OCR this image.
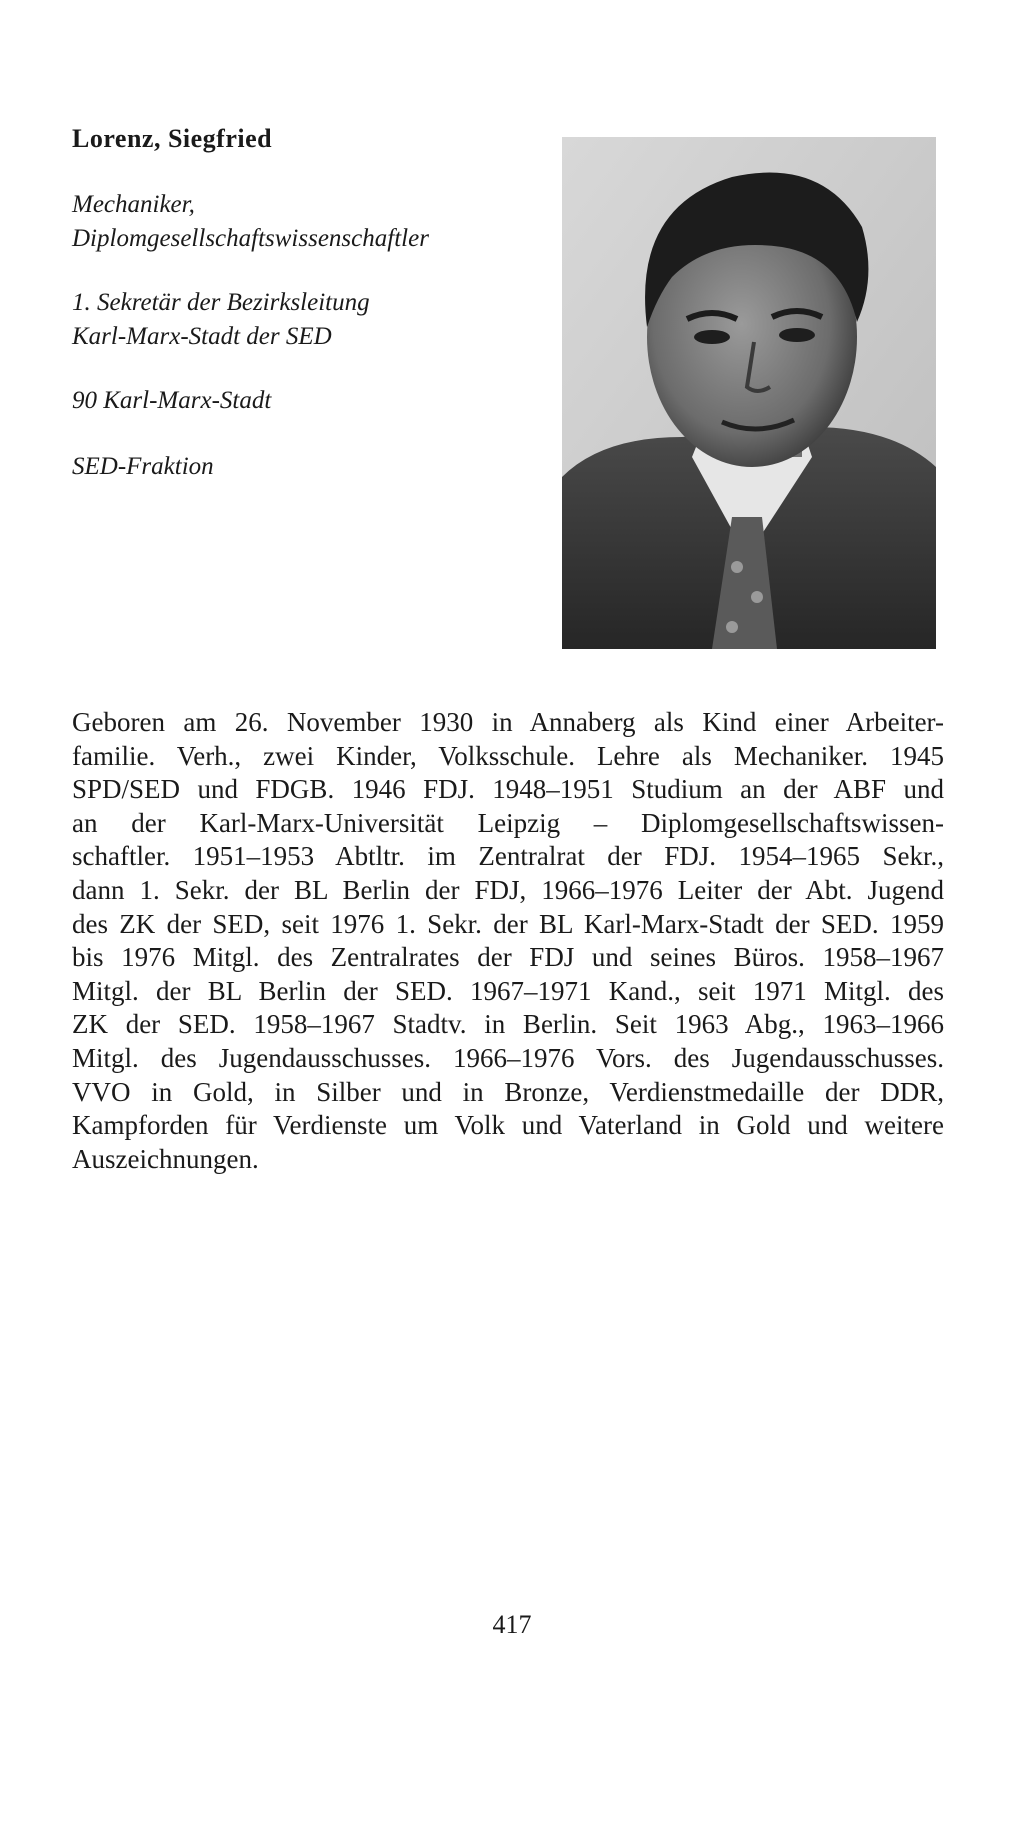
Lorenz, Siegfried

Mechaniker,
Diplomgesellschaftswissenschaftler

1. Sekretär der Bezirksleitung
Karl-Marx-Stadt der SED

90 Karl-Marx-Stadt

SED-Fraktion

Geboren am 26. November 1930 in Annaberg als Kind einer Arbeiter-
familie. Verh., zwei Kinder, Volksschule. Lehre als Mechaniker. 1945
SPD/SED und FDGB. 1946 FDJ. 1948–1951 Studium an der ABF und
an der Karl-Marx-Universität Leipzig – Diplomgesellschaftswissen-
schaftler. 1951–1953 Abtltr. im Zentralrat der FDJ. 1954–1965 Sekr.,
dann 1. Sekr. der BL Berlin der FDJ, 1966–1976 Leiter der Abt. Jugend
des ZK der SED, seit 1976 1. Sekr. der BL Karl-Marx-Stadt der SED. 1959
bis 1976 Mitgl. des Zentralrates der FDJ und seines Büros. 1958–1967
Mitgl. der BL Berlin der SED. 1967–1971 Kand., seit 1971 Mitgl. des
ZK der SED. 1958–1967 Stadtv. in Berlin. Seit 1963 Abg., 1963–1966
Mitgl. des Jugendausschusses. 1966–1976 Vors. des Jugendausschusses.
VVO in Gold, in Silber und in Bronze, Verdienstmedaille der DDR,
Kampforden für Verdienste um Volk und Vaterland in Gold und weitere
Auszeichnungen.
417
